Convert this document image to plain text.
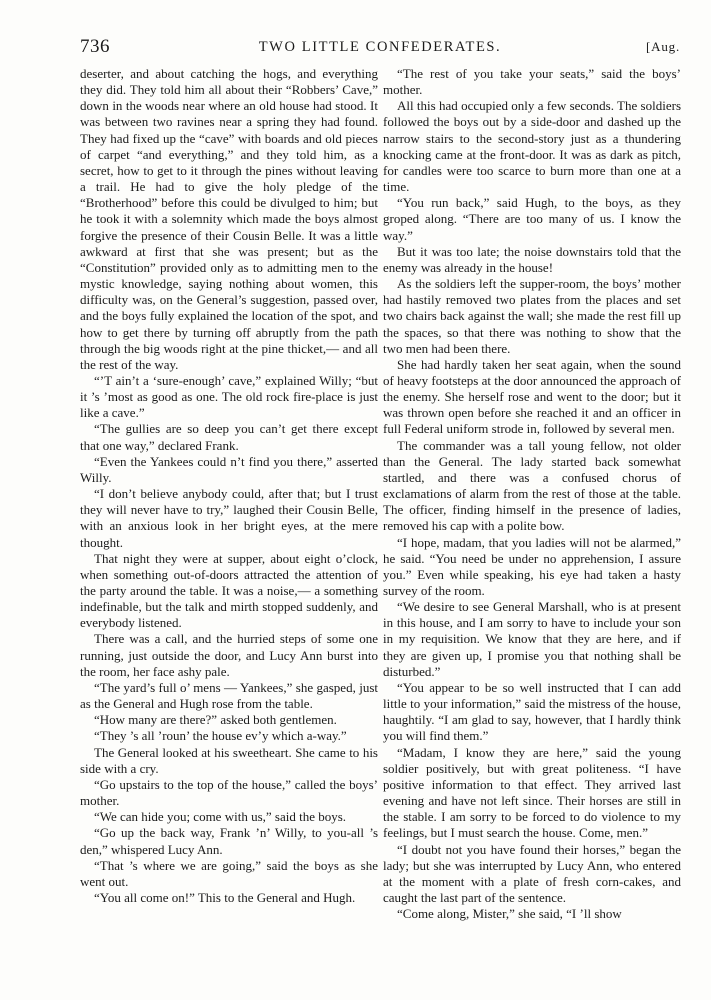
736	TWO LITTLE CONFEDERATES.	[Aug.

deserter, and about catching the hogs, and everything they did. They told him all about their “Robbers’ Cave,” down in the woods near where an old house had stood. It was between two ravines near a spring they had found. They had fixed up the “cave” with boards and old pieces of carpet “and everything,” and they told him, as a secret, how to get to it through the pines without leaving a trail. He had to give the holy pledge of the “Brotherhood” before this could be divulged to him; but he took it with a solemnity which made the boys almost forgive the presence of their Cousin Belle. It was a little awkward at first that she was present; but as the “Constitution” provided only as to admitting men to the mystic knowledge, saying nothing about women, this difficulty was, on the General’s suggestion, passed over, and the boys fully explained the location of the spot, and how to get there by turning off abruptly from the path through the big woods right at the pine thicket,— and all the rest of the way.

“’T ain’t a ‘sure-enough’ cave,” explained Willy; “but it ’s ’most as good as one. The old rock fire-place is just like a cave.”

“The gullies are so deep you can’t get there except that one way,” declared Frank.

“Even the Yankees could n’t find you there,” asserted Willy.

“I don’t believe anybody could, after that; but I trust they will never have to try,” laughed their Cousin Belle, with an anxious look in her bright eyes, at the mere thought.

That night they were at supper, about eight o’clock, when something out-of-doors attracted the attention of the party around the table. It was a noise,— a something indefinable, but the talk and mirth stopped suddenly, and everybody listened.

There was a call, and the hurried steps of some one running, just outside the door, and Lucy Ann burst into the room, her face ashy pale.

“The yard’s full o’ mens — Yankees,” she gasped, just as the General and Hugh rose from the table.

“How many are there?” asked both gentlemen.

“They ’s all ’roun’ the house ev’y which a-way.”

The General looked at his sweetheart. She came to his side with a cry.

“Go upstairs to the top of the house,” called the boys’ mother.

“We can hide you; come with us,” said the boys.

“Go up the back way, Frank ’n’ Willy, to you-all ’s den,” whispered Lucy Ann.

“That ’s where we are going,” said the boys as she went out.

“You all come on!” This to the General and Hugh.

“The rest of you take your seats,” said the boys’ mother.

All this had occupied only a few seconds. The soldiers followed the boys out by a side-door and dashed up the narrow stairs to the second-story just as a thundering knocking came at the front-door. It was as dark as pitch, for candles were too scarce to burn more than one at a time.

“You run back,” said Hugh, to the boys, as they groped along. “There are too many of us. I know the way.”

But it was too late; the noise downstairs told that the enemy was already in the house!

As the soldiers left the supper-room, the boys’ mother had hastily removed two plates from the places and set two chairs back against the wall; she made the rest fill up the spaces, so that there was nothing to show that the two men had been there.

She had hardly taken her seat again, when the sound of heavy footsteps at the door announced the approach of the enemy. She herself rose and went to the door; but it was thrown open before she reached it and an officer in full Federal uniform strode in, followed by several men.

The commander was a tall young fellow, not older than the General. The lady started back somewhat startled, and there was a confused chorus of exclamations of alarm from the rest of those at the table. The officer, finding himself in the presence of ladies, removed his cap with a polite bow.

“I hope, madam, that you ladies will not be alarmed,” he said. “You need be under no apprehension, I assure you.” Even while speaking, his eye had taken a hasty survey of the room.

“We desire to see General Marshall, who is at present in this house, and I am sorry to have to include your son in my requisition. We know that they are here, and if they are given up, I promise you that nothing shall be disturbed.”

“You appear to be so well instructed that I can add little to your information,” said the mistress of the house, haughtily. “I am glad to say, however, that I hardly think you will find them.”

“Madam, I know they are here,” said the young soldier positively, but with great politeness. “I have positive information to that effect. They arrived last evening and have not left since. Their horses are still in the stable. I am sorry to be forced to do violence to my feelings, but I must search the house. Come, men.”

“I doubt not you have found their horses,” began the lady; but she was interrupted by Lucy Ann, who entered at the moment with a plate of fresh corn-cakes, and caught the last part of the sentence.

“Come along, Mister,” she said, “I ’ll show
